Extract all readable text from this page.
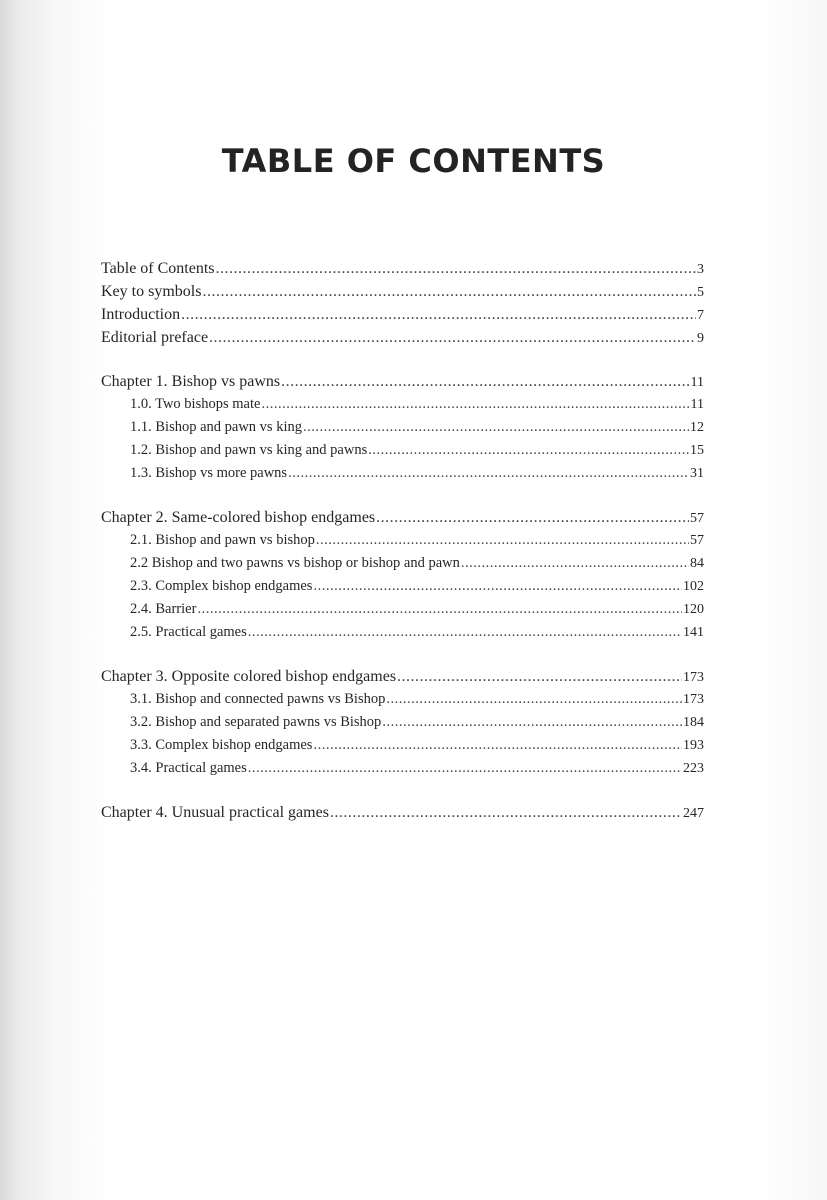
TABLE OF CONTENTS
Table of Contents .....	3
Key to symbols .....	5
Introduction .....	7
Editorial preface .....	9
Chapter 1. Bishop vs pawns .....	11
1.0. Two bishops mate .....	11
1.1. Bishop and pawn vs king .....	12
1.2. Bishop and pawn vs king and pawns .....	15
1.3. Bishop vs more pawns .....	31
Chapter 2. Same-colored bishop endgames .....	57
2.1. Bishop and pawn vs bishop .....	57
2.2 Bishop and two pawns vs bishop or bishop and pawn .....	84
2.3. Complex bishop endgames .....	102
2.4. Barrier .....	120
2.5. Practical games .....	141
Chapter 3. Opposite colored bishop endgames .....	173
3.1. Bishop and connected pawns vs Bishop .....	173
3.2. Bishop and separated pawns vs Bishop .....	184
3.3. Complex bishop endgames .....	193
3.4. Practical games .....	223
Chapter 4. Unusual practical games .....	247
